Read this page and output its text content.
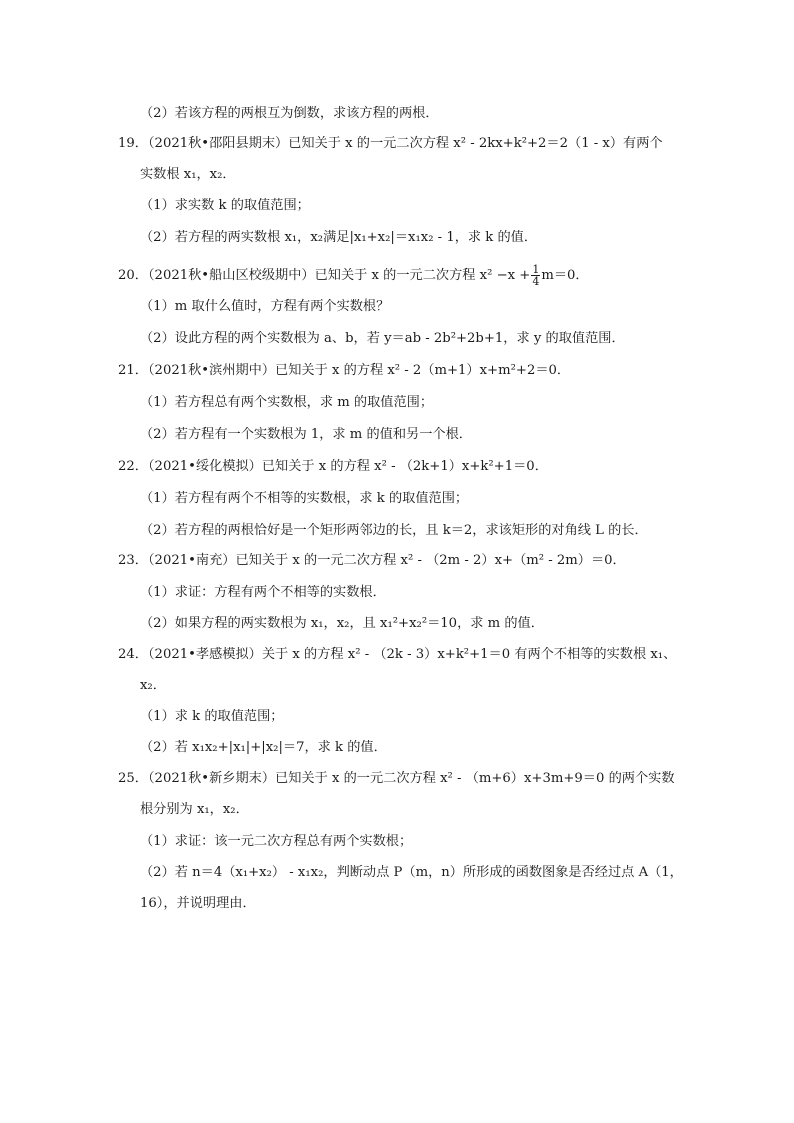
（2）若该方程的两根互为倒数，求该方程的两根．
19．（2021秋•邵阳县期末）已知关于 x 的一元二次方程 x² - 2kx+k²+2＝2（1 - x）有两个
实数根 x₁，x₂．
（1）求实数 k 的取值范围；
（2）若方程的两实数根 x₁，x₂满足|x₁+x₂|＝x₁x₂ - 1，求 k 的值．
20．（2021秋•船山区校级期中）已知关于 x 的一元二次方程 $x^2 -x + \frac{1}{4} m=0$．
（1）m 取什么值时，方程有两个实数根？
（2）设此方程的两个实数根为 a、b，若 y＝ab - 2b²+2b+1，求 y 的取值范围．
21．（2021秋•滨州期中）已知关于 x 的方程 x² - 2（m+1）x+m²+2＝0．
（1）若方程总有两个实数根，求 m 的取值范围；
（2）若方程有一个实数根为 1，求 m 的值和另一个根．
22．（2021•绥化模拟）已知关于 x 的方程 x² - （2k+1）x+k²+1＝0．
（1）若方程有两个不相等的实数根，求 k 的取值范围；
（2）若方程的两根恰好是一个矩形两邻边的长，且 k＝2，求该矩形的对角线 L 的长．
23．（2021•南充）已知关于 x 的一元二次方程 x² - （2m - 2）x+（m² - 2m）＝0．
（1）求证：方程有两个不相等的实数根．
（2）如果方程的两实数根为 x₁，x₂，且 x₁²+x₂²＝10，求 m 的值．
24．（2021•孝感模拟）关于 x 的方程 x² - （2k - 3）x+k²+1＝0 有两个不相等的实数根 x₁、
x₂．
（1）求 k 的取值范围；
（2）若 x₁x₂+|x₁|+|x₂|＝7，求 k 的值．
25．（2021秋•新乡期末）已知关于 x 的一元二次方程 x² - （m+6）x+3m+9＝0 的两个实数
根分别为 x₁，x₂．
（1）求证：该一元二次方程总有两个实数根；
（2）若 n＝4（x₁+x₂） - x₁x₂，判断动点 P（m，n）所形成的函数图象是否经过点 A（1，
16），并说明理由．
